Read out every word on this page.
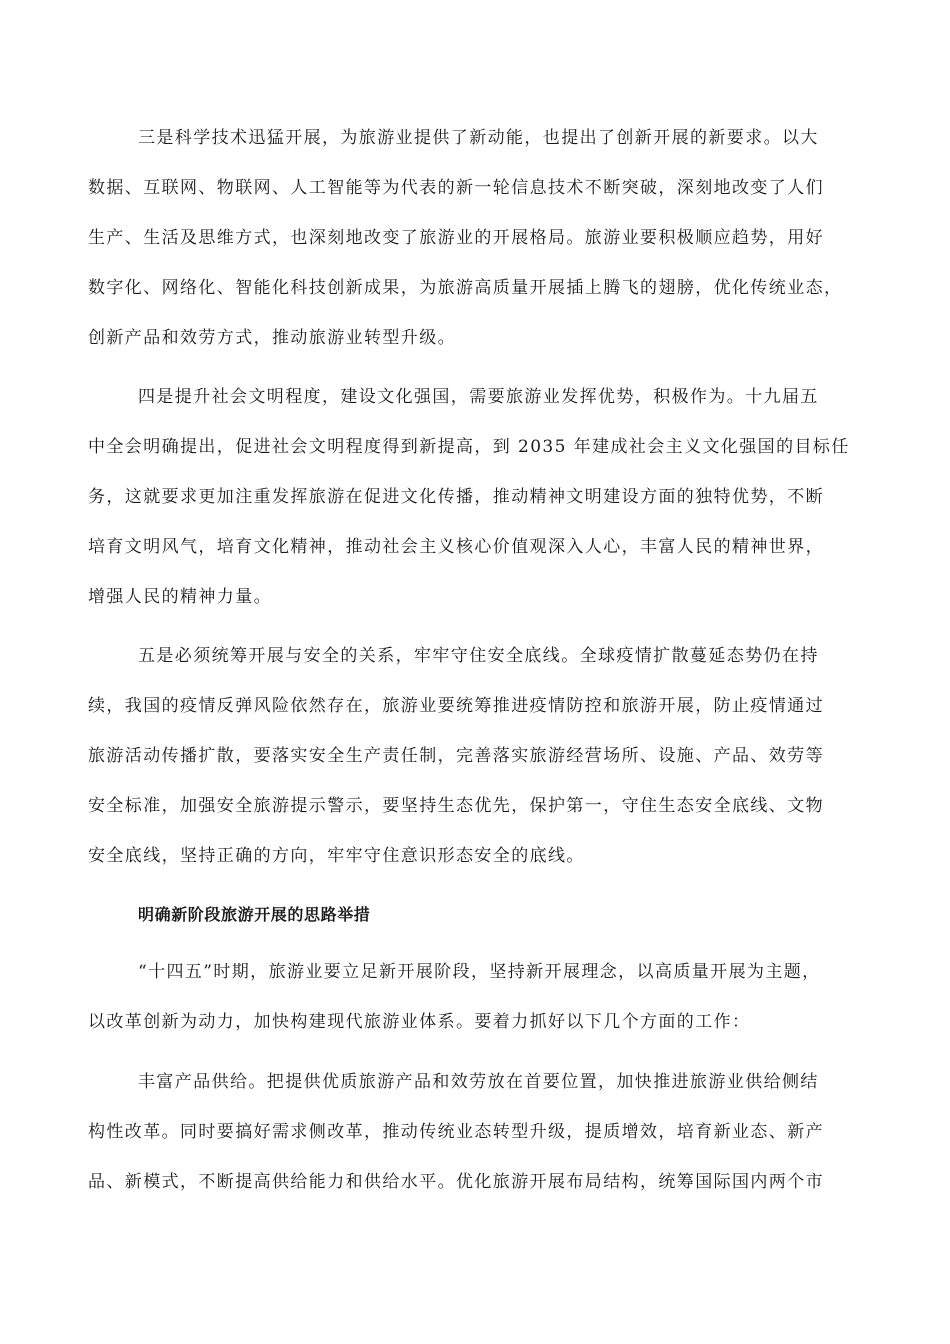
三是科学技术迅猛开展，为旅游业提供了新动能，也提出了创新开展的新要求。以大
数据、互联网、物联网、人工智能等为代表的新一轮信息技术不断突破，深刻地改变了人们
生产、生活及思维方式，也深刻地改变了旅游业的开展格局。旅游业要积极顺应趋势，用好
数字化、网络化、智能化科技创新成果，为旅游高质量开展插上腾飞的翅膀，优化传统业态，
创新产品和效劳方式，推动旅游业转型升级。
四是提升社会文明程度，建设文化强国，需要旅游业发挥优势，积极作为。十九届五
中全会明确提出，促进社会文明程度得到新提高，到 2035 年建成社会主义文化强国的目标任
务，这就要求更加注重发挥旅游在促进文化传播，推动精神文明建设方面的独特优势，不断
培育文明风气，培育文化精神，推动社会主义核心价值观深入人心，丰富人民的精神世界，
增强人民的精神力量。
五是必须统筹开展与安全的关系，牢牢守住安全底线。全球疫情扩散蔓延态势仍在持
续，我国的疫情反弹风险依然存在，旅游业要统筹推进疫情防控和旅游开展，防止疫情通过
旅游活动传播扩散，要落实安全生产责任制，完善落实旅游经营场所、设施、产品、效劳等
安全标准，加强安全旅游提示警示，要坚持生态优先，保护第一，守住生态安全底线、文物
安全底线，坚持正确的方向，牢牢守住意识形态安全的底线。
明确新阶段旅游开展的思路举措
“十四五”时期，旅游业要立足新开展阶段，坚持新开展理念，以高质量开展为主题，
以改革创新为动力，加快构建现代旅游业体系。要着力抓好以下几个方面的工作：
丰富产品供给。把提供优质旅游产品和效劳放在首要位置，加快推进旅游业供给侧结
构性改革。同时要搞好需求侧改革，推动传统业态转型升级，提质增效，培育新业态、新产
品、新模式，不断提高供给能力和供给水平。优化旅游开展布局结构，统筹国际国内两个市
